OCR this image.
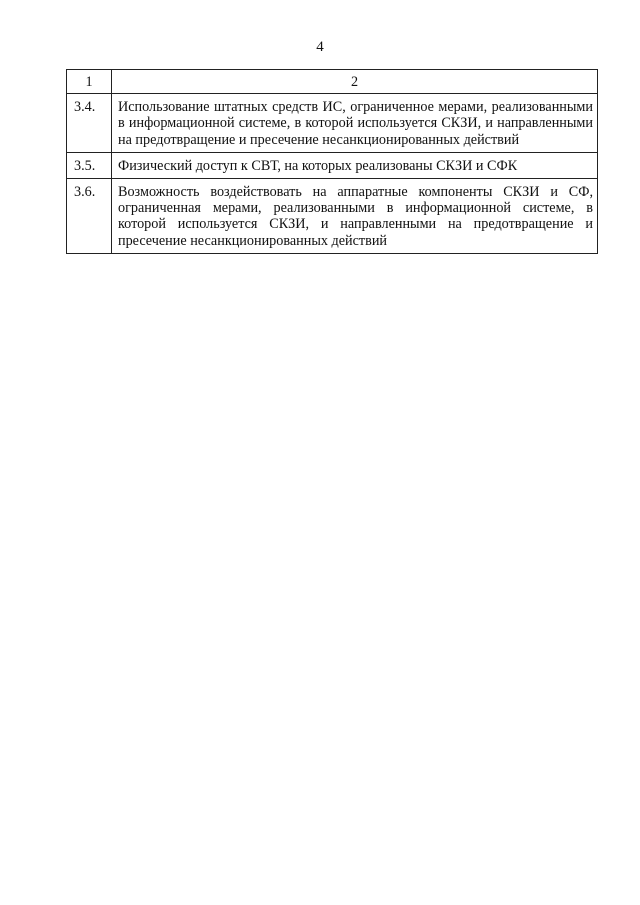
4
1	2
3.4.	Использование штатных средств ИС, ограниченное мерами, реализованными в информационной системе, в которой используется СКЗИ, и направленными на предотвращение и пресечение несанкционированных действий
3.5.	Физический доступ к СВТ, на которых реализованы СКЗИ и СФК
3.6.	Возможность воздействовать на аппаратные компоненты СКЗИ и СФ, ограниченная мерами, реализованными в информационной системе, в которой используется СКЗИ, и направленными на предотвращение и пресечение несанкционированных действий
